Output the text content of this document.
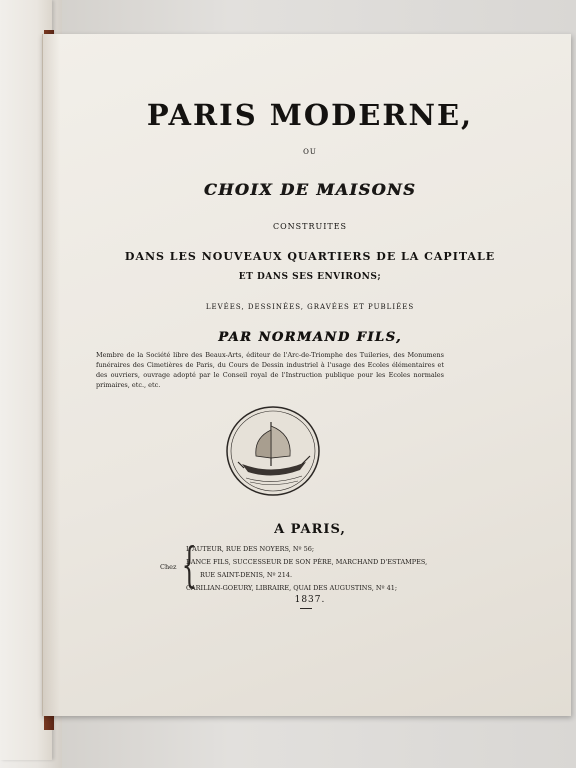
PARIS MODERNE,
OU
CHOIX DE MAISONS
CONSTRUITES
DANS LES NOUVEAUX QUARTIERS DE LA CAPITALE
ET DANS SES ENVIRONS;
LEVÉES, DESSINÉES, GRAVÉES ET PUBLIÉES
PAR NORMAND FILS,
Membre de la Société libre des Beaux-Arts, éditeur de l'Arc-de-Triomphe des Tuileries, des Monumens funéraires des Cimetières de Paris, du Cours de Dessin industriel à l'usage des Ecoles élémentaires et des ouvriers, ouvrage adopté par le Conseil royal de l'Instruction publique pour les Ecoles normales primaires, etc., etc.
A PARIS,
Chez {
L'AUTEUR, RUE DES NOYERS, Nº 56;
BANCE FILS, SUCCESSEUR DE SON PÈRE, MARCHAND D'ESTAMPES,
RUE SAINT-DENIS, Nº 214.
CARILIAN-GOEURY, LIBRAIRE, QUAI DES AUGUSTINS, Nº 41;
1837.
